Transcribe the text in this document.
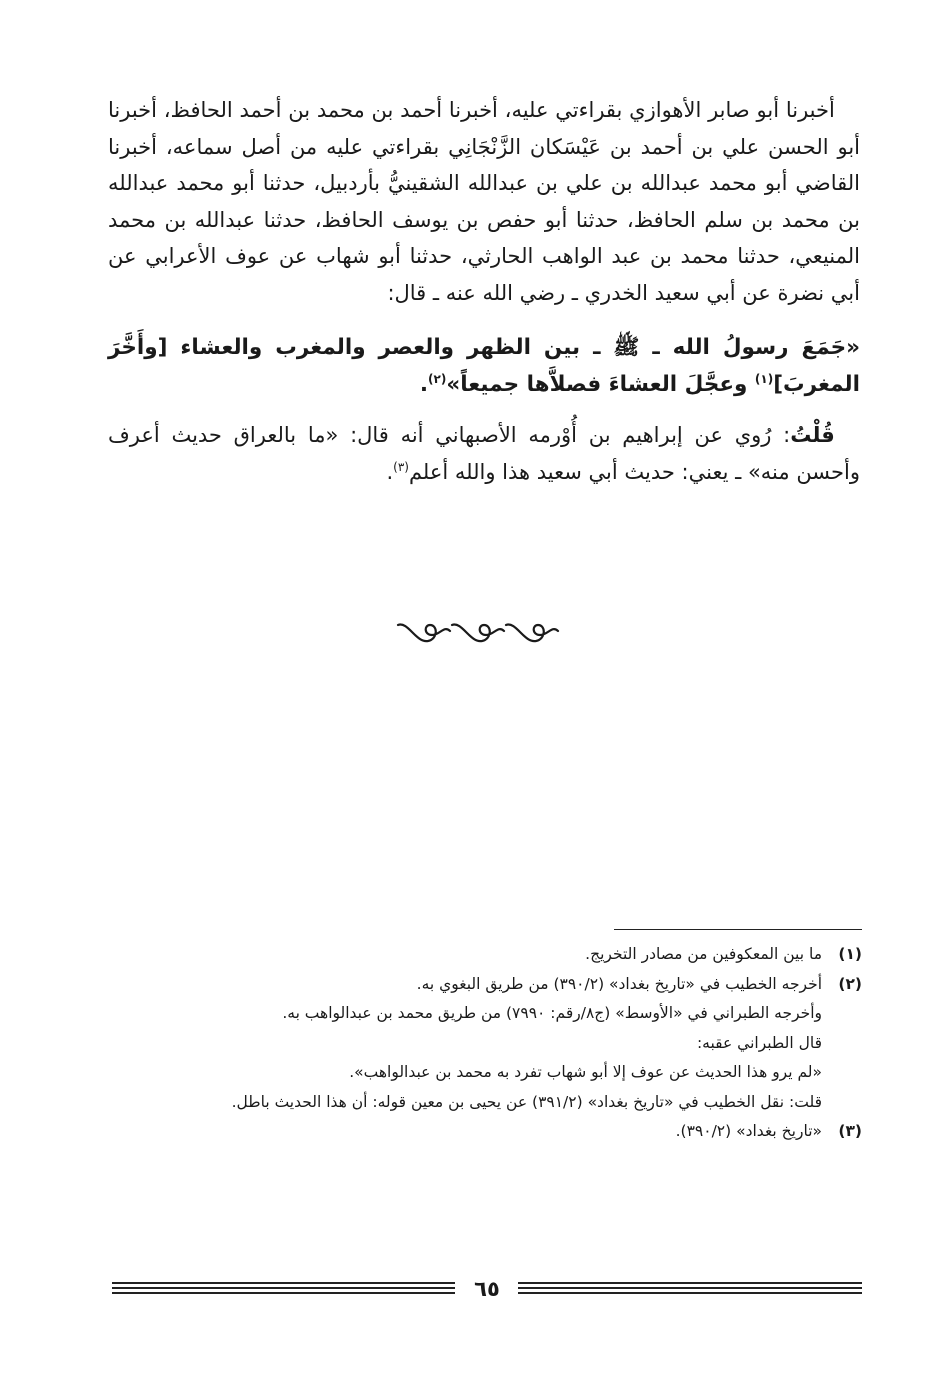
أخبرنا أبو صابر الأهوازي بقراءتي عليه، أخبرنا أحمد بن محمد بن أحمد الحافظ، أخبرنا أبو الحسن علي بن أحمد بن عَيْسَكان الزَّنْجَانِي بقراءتي عليه من أصل سماعه، أخبرنا القاضي أبو محمد عبدالله بن علي بن عبدالله الشقينيُّ بأردبيل، حدثنا أبو محمد عبدالله بن محمد بن سلم الحافظ، حدثنا أبو حفص بن يوسف الحافظ، حدثنا عبدالله بن محمد المنيعي، حدثنا محمد بن عبد الواهب الحارثي، حدثنا أبو شهاب عن عوف الأعرابي عن أبي نضرة عن أبي سعيد الخدري ـ رضي الله عنه ـ قال:

«جَمَعَ رسولُ الله ـ ﷺ ـ بين الظهر والعصر والمغرب والعشاء [وأَخَّرَ المغربَ]$^{(١)}$ وعجَّلَ العشاءَ فصلاَّها جميعاً»$^{(٢)}$.

قُلْتُ: رُوي عن إبراهيم بن أُوْرمه الأصبهاني أنه قال: «ما بالعراق حديث أعرف وأحسن منه» ـ يعني: حديث أبي سعيد هذا والله أعلم$^{(٣)}$.

(١)

ما بين المعكوفين من مصادر التخريج.

(٢)

أخرجه الخطيب في «تاريخ بغداد» (٣٩٠/٢) من طريق البغوي به.

وأخرجه الطبراني في «الأوسط» (ج٨/رقم: ٧٩٩٠) من طريق محمد بن عبدالواهب به.

قال الطبراني عقبه:

«لم يرو هذا الحديث عن عوف إلا أبو شهاب تفرد به محمد بن عبدالواهب».

قلت: نقل الخطيب في «تاريخ بغداد» (٣٩١/٢) عن يحيى بن معين قوله: أن هذا الحديث باطل.

(٣)

«تاريخ بغداد» (٣٩٠/٢).

٦٥
